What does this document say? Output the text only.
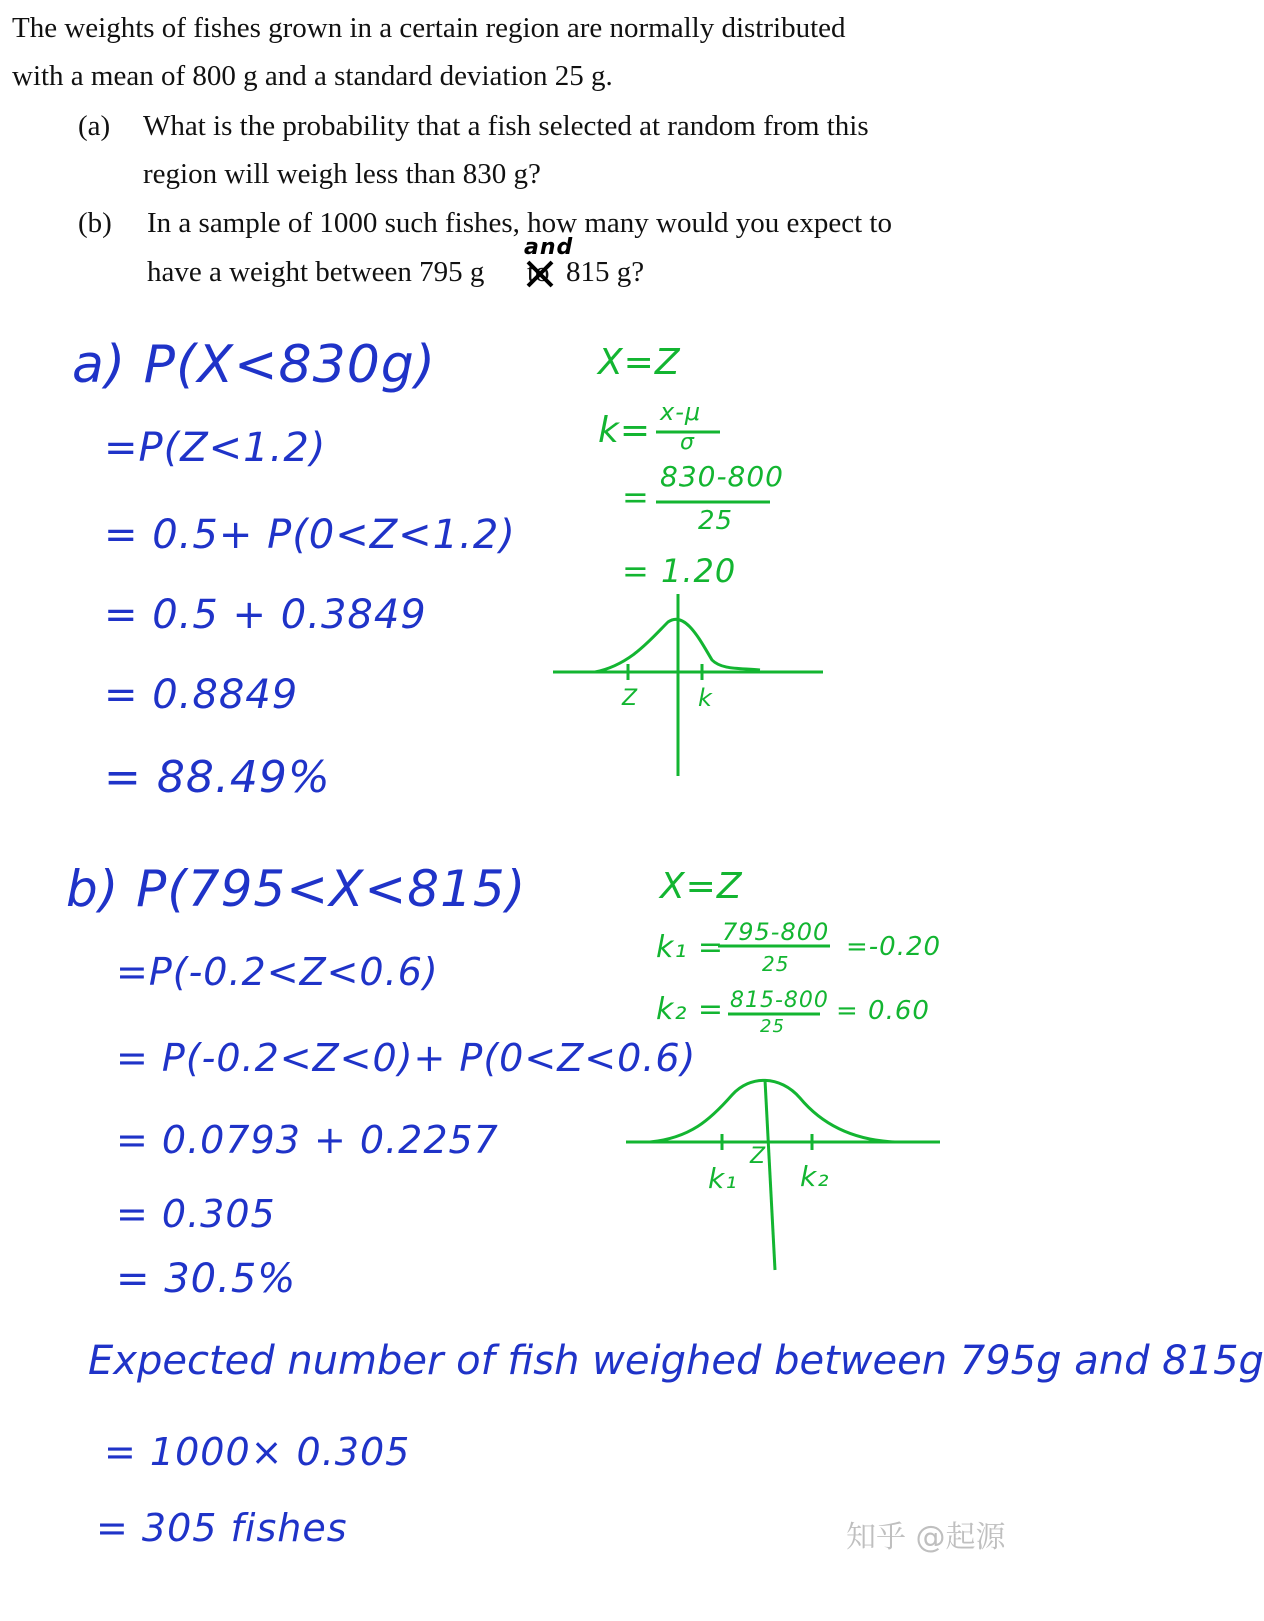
The weights of fishes grown in a certain region are normally distributed
with a mean of 800 g and a standard deviation 25 g.
(a) What is the probability that a fish selected at random from this
region will weigh less than 830 g?
(b) In a sample of 1000 such fishes, how many would you expect to
have a weight between 795 g to 815 g?
and
a) P(X<830g)
=P(Z<1.2)
= 0.5+ P(0<Z<1.2)
= 0.5 + 0.3849
= 0.8849
= 88.49%
X=Z
k= x-μ
σ
=
830-800
25
= 1.20
Z k
b) P(795<X<815)
=P(-0.2<Z<0.6)
= P(-0.2<Z<0)+ P(0<Z<0.6)
= 0.0793 + 0.2257
= 0.305
= 30.5%
X=Z
k₁ =
795-800
25
=-0.20
k₂ = 815-800
25
= 0.60
Z
k₁ k₂
Expected number of fish weighed between 795g and 815g
= 1000× 0.305
= 305 fishes	知乎 @起源
